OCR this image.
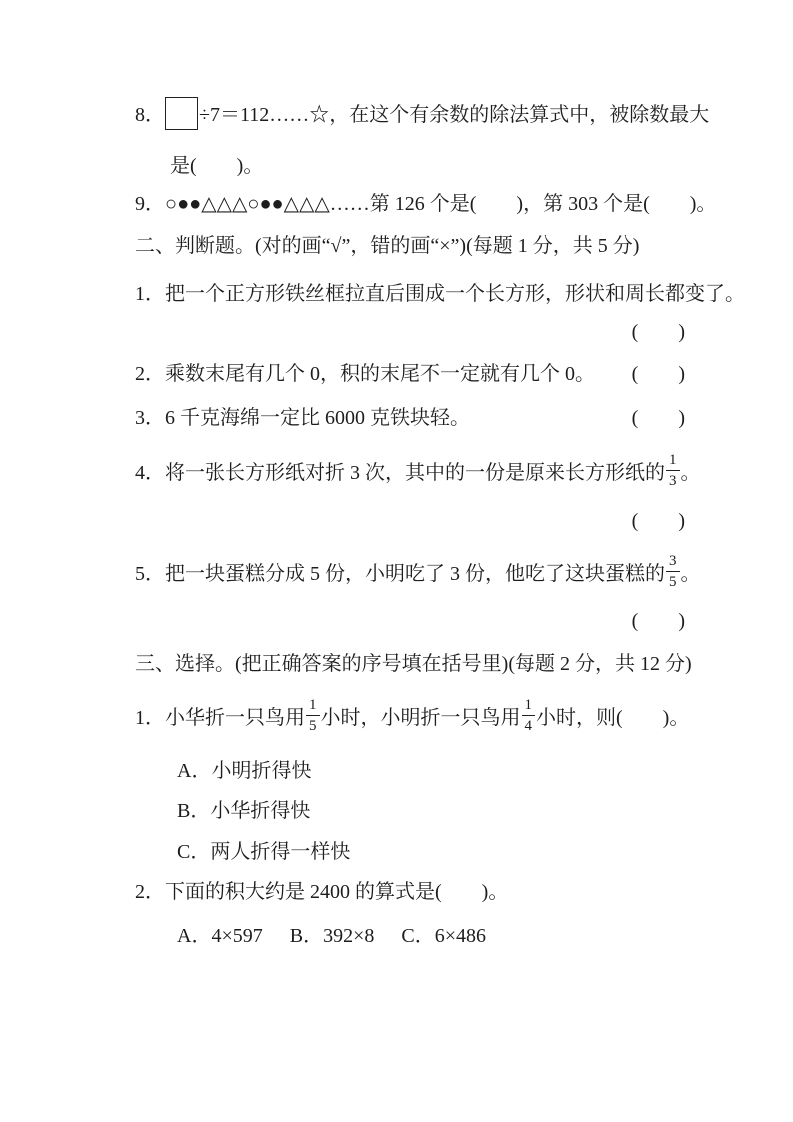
8． ÷7＝112……☆，在这个有余数的除法算式中，被除数最大
是(　　)。
9．○●●△△△○●●△△△……第 126 个是(　　)，第 303 个是(　　)。
二、判断题。(对的画“√”，错的画“×”)(每题 1 分，共 5 分)
1．把一个正方形铁丝框拉直后围成一个长方形，形状和周长都变了。
(　　)
2．乘数末尾有几个 0，积的末尾不一定就有几个 0。 (　　)
3．6 千克海绵一定比 6000 克铁块轻。	(　　)
4． 将一张长方形纸对折 3 次，其中的一份是原来长方形纸的 $\frac{1}{3}$ 。
(　　)
5． 把一块蛋糕分成 5 份，小明吃了 3 份，他吃了这块蛋糕的 $\frac{3}{5}$ 。
(　　)
三、选择。(把正确答案的序号填在括号里)(每题 2 分，共 12 分)
1． 小华折一只鸟用 $\frac{1}{5}$ 小时，小明折一只鸟用 $\frac{1}{4}$ 小时，则(　　)。
A．小明折得快
B．小华折得快
C．两人折得一样快
2．下面的积大约是 2400 的算式是(　　)。
A．4×597 B．392×8 C．6×486
